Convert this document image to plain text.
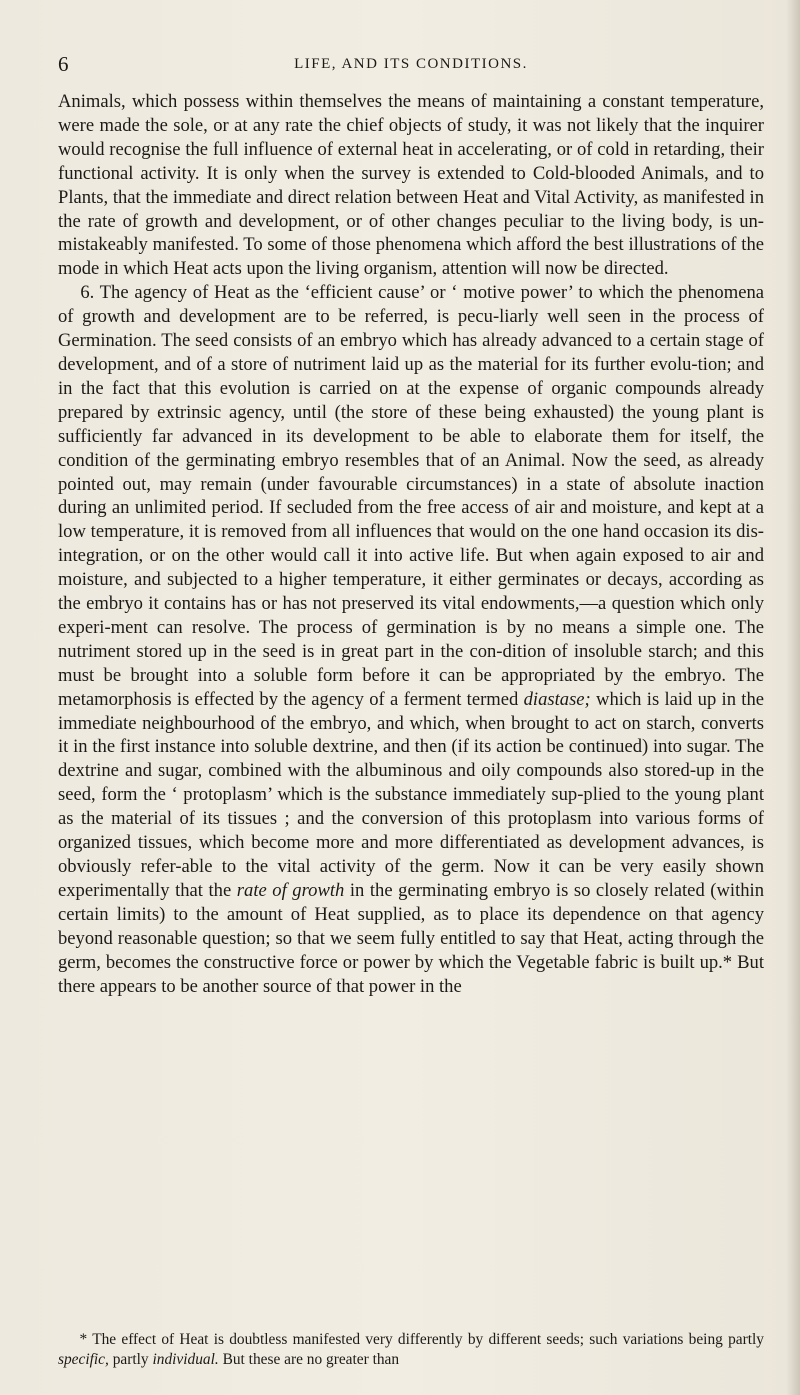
6	LIFE, AND ITS CONDITIONS.

Animals, which possess within themselves the means of maintaining a constant temperature, were made the sole, or at any rate the chief objects of study, it was not likely that the inquirer would recognise the full influence of external heat in accelerating, or of cold in retarding, their functional activity. It is only when the survey is extended to Cold-blooded Animals, and to Plants, that the immediate and direct relation between Heat and Vital Activity, as manifested in the rate of growth and development, or of other changes peculiar to the living body, is un-mistakeably manifested. To some of those phenomena which afford the best illustrations of the mode in which Heat acts upon the living organism, attention will now be directed.

6. The agency of Heat as the ‘efficient cause’ or ‘ motive power’ to which the phenomena of growth and development are to be referred, is pecu-liarly well seen in the process of Germination. The seed consists of an embryo which has already advanced to a certain stage of development, and of a store of nutriment laid up as the material for its further evolu-tion; and in the fact that this evolution is carried on at the expense of organic compounds already prepared by extrinsic agency, until (the store of these being exhausted) the young plant is sufficiently far advanced in its development to be able to elaborate them for itself, the condition of the germinating embryo resembles that of an Animal. Now the seed, as already pointed out, may remain (under favourable circumstances) in a state of absolute inaction during an unlimited period. If secluded from the free access of air and moisture, and kept at a low temperature, it is removed from all influences that would on the one hand occasion its dis-integration, or on the other would call it into active life. But when again exposed to air and moisture, and subjected to a higher temperature, it either germinates or decays, according as the embryo it contains has or has not preserved its vital endowments,—a question which only experi-ment can resolve. The process of germination is by no means a simple one. The nutriment stored up in the seed is in great part in the con-dition of insoluble starch; and this must be brought into a soluble form before it can be appropriated by the embryo. The metamorphosis is effected by the agency of a ferment termed diastase; which is laid up in the immediate neighbourhood of the embryo, and which, when brought to act on starch, converts it in the first instance into soluble dextrine, and then (if its action be continued) into sugar. The dextrine and sugar, combined with the albuminous and oily compounds also stored-up in the seed, form the ‘ protoplasm’ which is the substance immediately sup-plied to the young plant as the material of its tissues ; and the conversion of this protoplasm into various forms of organized tissues, which become more and more differentiated as development advances, is obviously refer-able to the vital activity of the germ. Now it can be very easily shown experimentally that the rate of growth in the germinating embryo is so closely related (within certain limits) to the amount of Heat supplied, as to place its dependence on that agency beyond reasonable question; so that we seem fully entitled to say that Heat, acting through the germ, becomes the constructive force or power by which the Vegetable fabric is built up.* But there appears to be another source of that power in the

* The effect of Heat is doubtless manifested very differently by different seeds; such variations being partly specific, partly individual. But these are no greater than
